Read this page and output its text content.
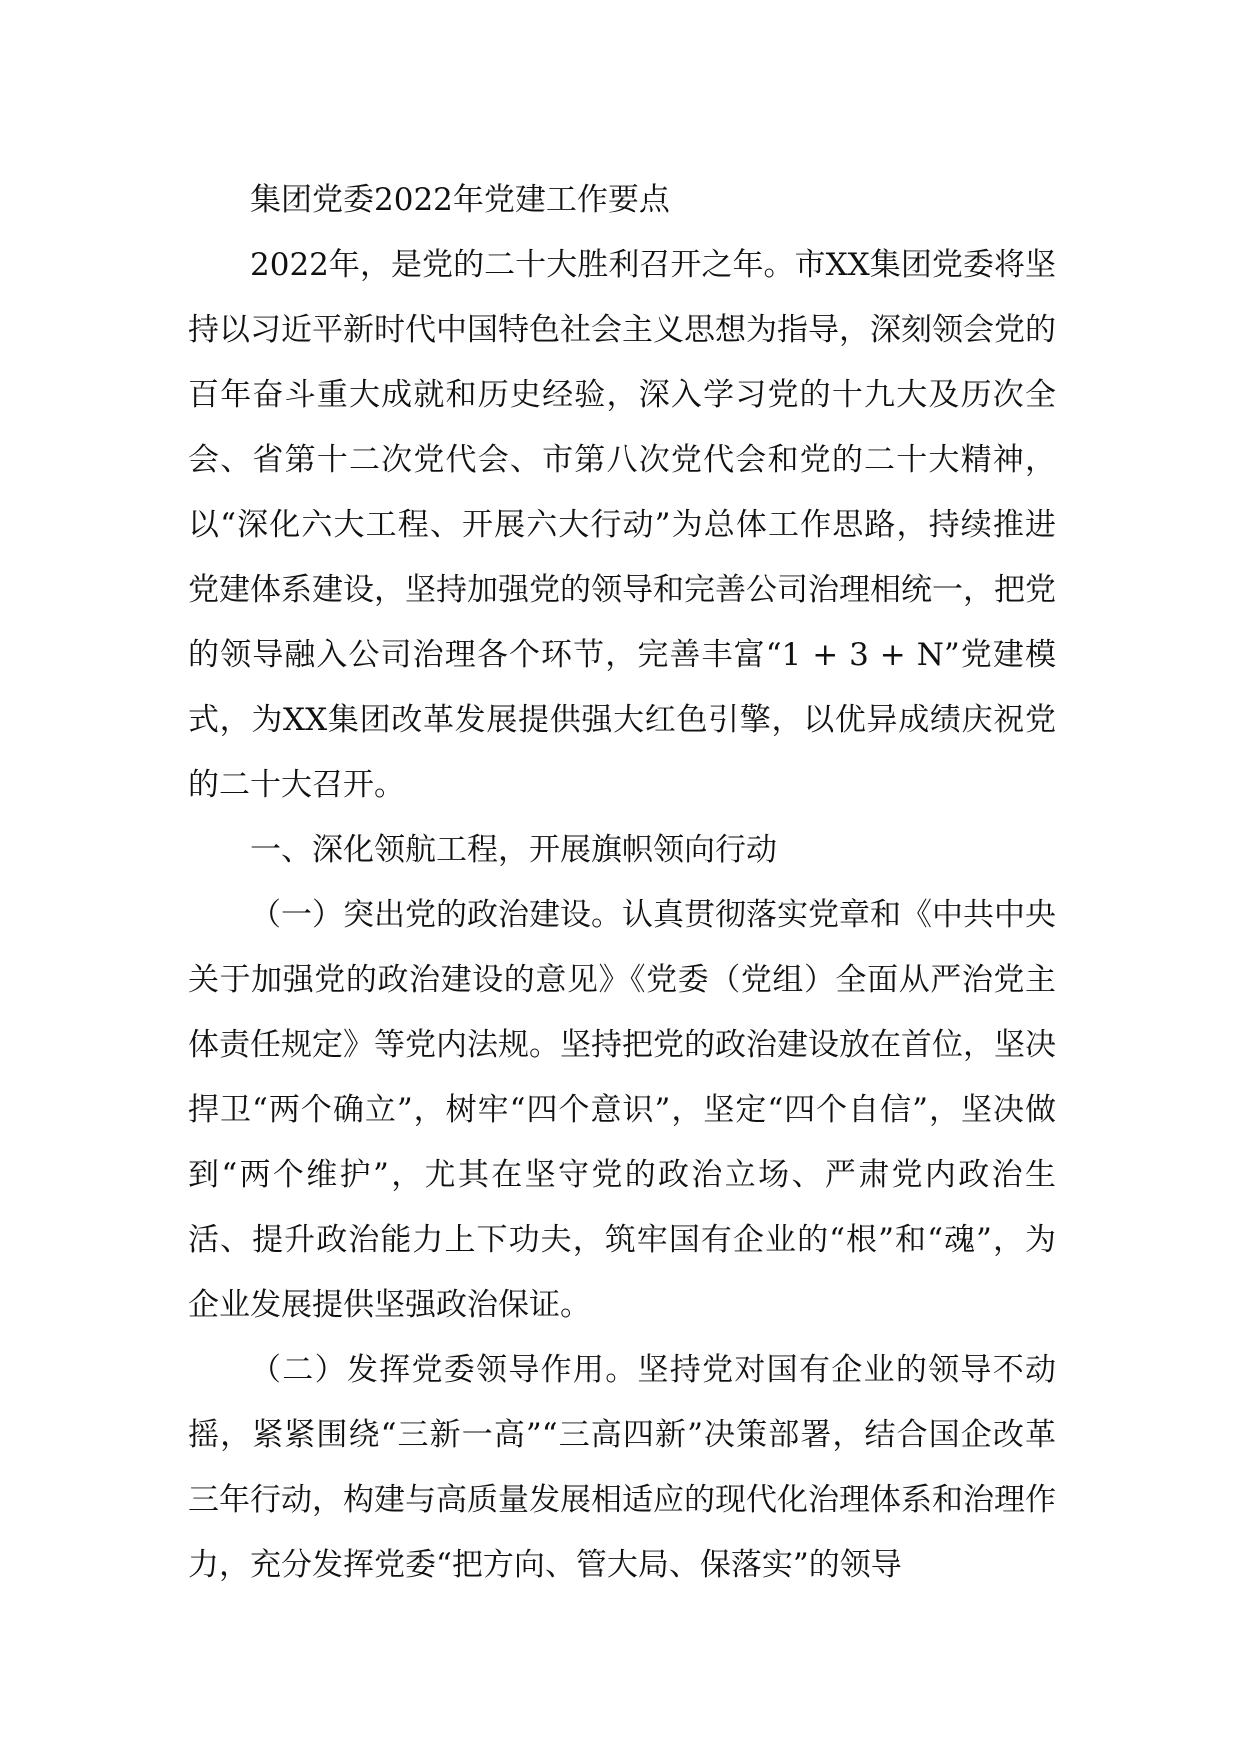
集团党委2022年党建工作要点

2022年，是党的二十大胜利召开之年。市XX集团党委将坚持以习近平新时代中国特色社会主义思想为指导，深刻领会党的百年奋斗重大成就和历史经验，深入学习党的十九大及历次全会、省第十二次党代会、市第八次党代会和党的二十大精神，以“深化六大工程、开展六大行动”为总体工作思路，持续推进党建体系建设，坚持加强党的领导和完善公司治理相统一，把党的领导融入公司治理各个环节，完善丰富“1 + 3 + N”党建模式，为XX集团改革发展提供强大红色引擎，以优异成绩庆祝党的二十大召开。

一、深化领航工程，开展旗帜领向行动

（一）突出党的政治建设。认真贯彻落实党章和《中共中央关于加强党的政治建设的意见》《党委（党组）全面从严治党主体责任规定》等党内法规。坚持把党的政治建设放在首位，坚决捍卫“两个确立”，树牢“四个意识”，坚定“四个自信”，坚决做到“两个维护”，尤其在坚守党的政治立场、严肃党内政治生活、提升政治能力上下功夫，筑牢国有企业的“根”和“魂”，为企业发展提供坚强政治保证。

（二）发挥党委领导作用。坚持党对国有企业的领导不动摇，紧紧围绕“三新一高”“三高四新”决策部署，结合国企改革三年行动，构建与高质量发展相适应的现代化治理体系和治理作力，充分发挥党委“把方向、管大局、保落实”的领导
